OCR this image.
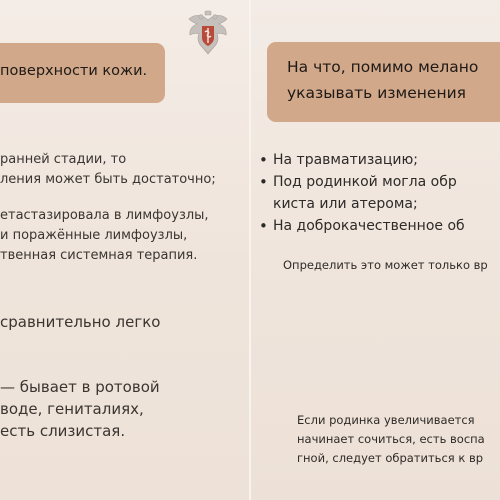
поверхности кожи.
ранней стадии, то
ления может быть достаточно;
етастазировала в лимфоузлы,
и поражённые лимфоузлы,
твенная системная терапия.
сравнительно легко
— бывает в ротовой
воде, гениталиях,
есть слизистая.
На что, помимо мелано
указывать изменения
• На травматизацию;
• Под родинкой могла обр
киста или атерома;
• На доброкачественное об
Определить это может только вр
Если родинка увеличивается
начинает сочиться, есть воспа
гной, следует обратиться к вр
